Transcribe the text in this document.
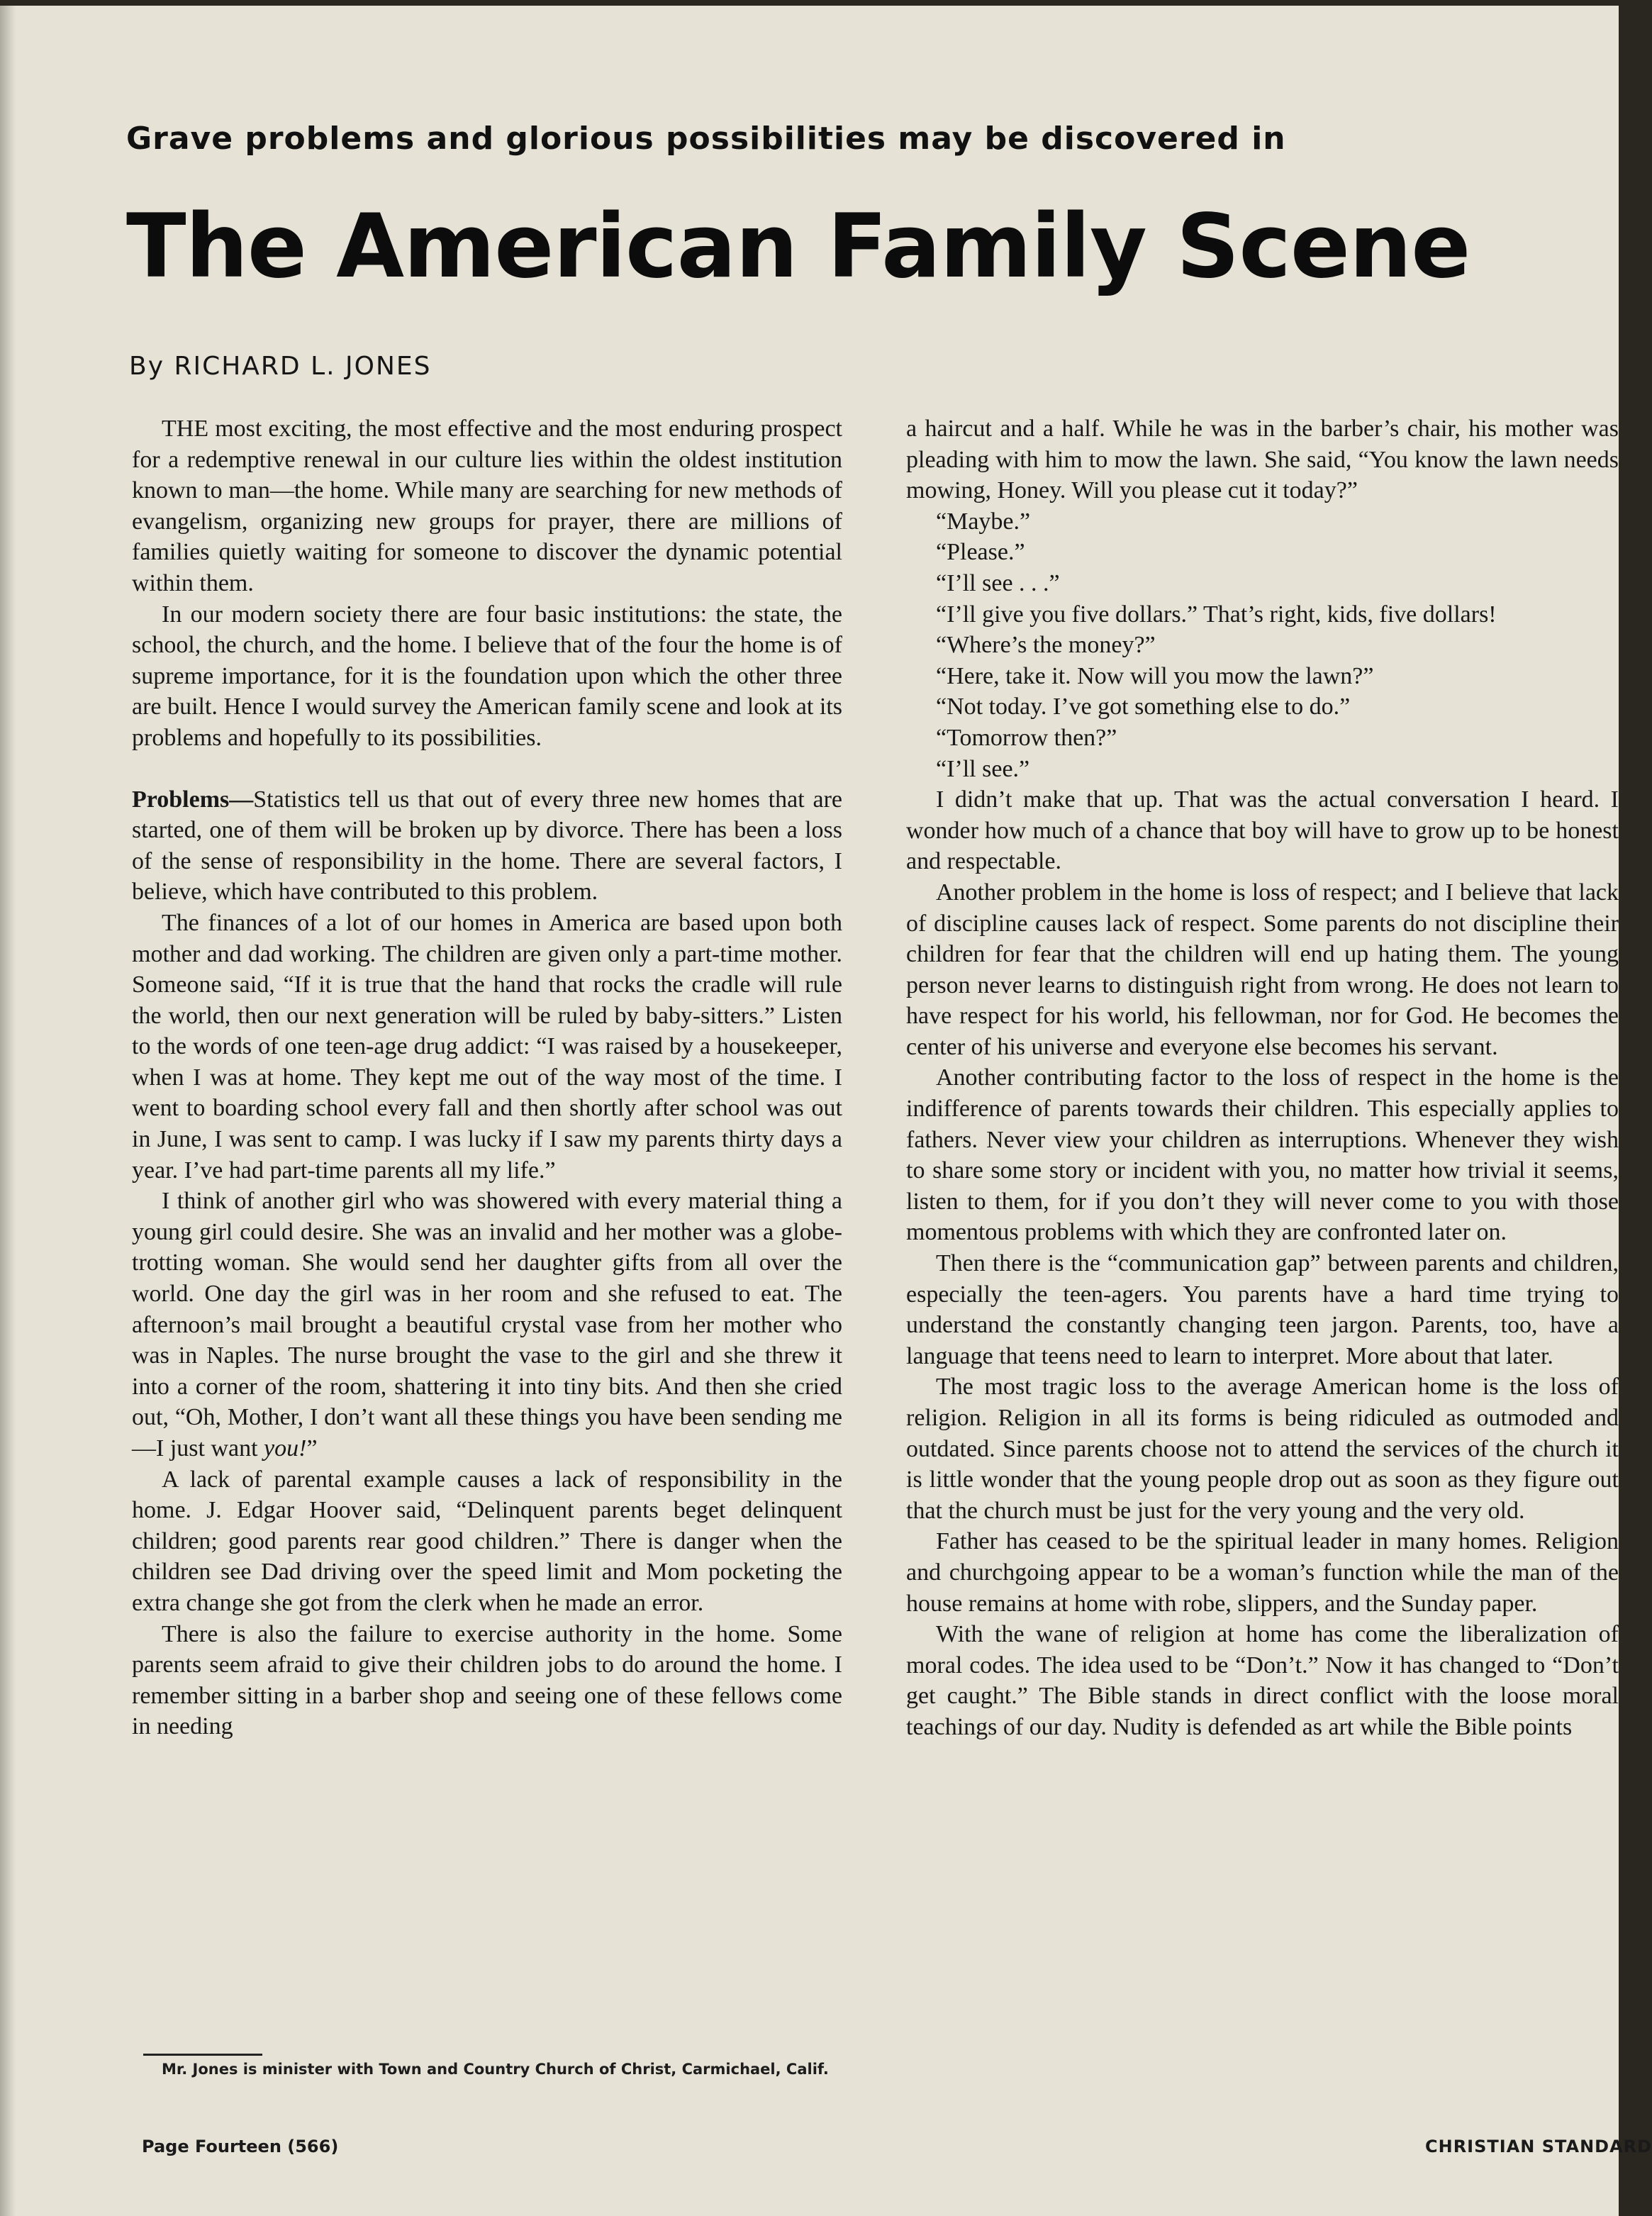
Grave problems and glorious possibilities may be discovered in
The American Family Scene
By RICHARD L. JONES

THE most exciting, the most effective and the most enduring prospect for a redemptive renewal in our culture lies within the oldest institution known to man—the home. While many are searching for new methods of evangelism, organizing new groups for prayer, there are millions of families quietly waiting for someone to discover the dynamic potential within them.

In our modern society there are four basic institutions: the state, the school, the church, and the home. I believe that of the four the home is of supreme importance, for it is the foundation upon which the other three are built. Hence I would survey the American family scene and look at its problems and hopefully to its possibilities.

Problems—Statistics tell us that out of every three new homes that are started, one of them will be broken up by divorce. There has been a loss of the sense of responsibility in the home. There are several factors, I believe, which have contributed to this problem.

The finances of a lot of our homes in America are based upon both mother and dad working. The children are given only a part-time mother. Someone said, “If it is true that the hand that rocks the cradle will rule the world, then our next generation will be ruled by baby-sitters.” Listen to the words of one teen-age drug addict: “I was raised by a housekeeper, when I was at home. They kept me out of the way most of the time. I went to boarding school every fall and then shortly after school was out in June, I was sent to camp. I was lucky if I saw my parents thirty days a year. I’ve had part-time parents all my life.”

I think of another girl who was showered with every material thing a young girl could desire. She was an invalid and her mother was a globe-trotting woman. She would send her daughter gifts from all over the world. One day the girl was in her room and she refused to eat. The afternoon’s mail brought a beautiful crystal vase from her mother who was in Naples. The nurse brought the vase to the girl and she threw it into a corner of the room, shattering it into tiny bits. And then she cried out, “Oh, Mother, I don’t want all these things you have been sending me—I just want you!”

A lack of parental example causes a lack of responsibility in the home. J. Edgar Hoover said, “Delinquent parents beget delinquent children; good parents rear good children.” There is danger when the children see Dad driving over the speed limit and Mom pocketing the extra change she got from the clerk when he made an error.

There is also the failure to exercise authority in the home. Some parents seem afraid to give their children jobs to do around the home. I remember sitting in a barber shop and seeing one of these fellows come in needing

a haircut and a half. While he was in the barber’s chair, his mother was pleading with him to mow the lawn. She said, “You know the lawn needs mowing, Honey. Will you please cut it today?”

“Maybe.”

“Please.”

“I’ll see . . .”

“I’ll give you five dollars.” That’s right, kids, five dollars!

“Where’s the money?”

“Here, take it. Now will you mow the lawn?”

“Not today. I’ve got something else to do.”

“Tomorrow then?”

“I’ll see.”

I didn’t make that up. That was the actual conversation I heard. I wonder how much of a chance that boy will have to grow up to be honest and respectable.

Another problem in the home is loss of respect; and I believe that lack of discipline causes lack of respect. Some parents do not discipline their children for fear that the children will end up hating them. The young person never learns to distinguish right from wrong. He does not learn to have respect for his world, his fellowman, nor for God. He becomes the center of his universe and everyone else becomes his servant.

Another contributing factor to the loss of respect in the home is the indifference of parents towards their children. This especially applies to fathers. Never view your children as interruptions. Whenever they wish to share some story or incident with you, no matter how trivial it seems, listen to them, for if you don’t they will never come to you with those momentous problems with which they are confronted later on.

Then there is the “communication gap” between parents and children, especially the teen-agers. You parents have a hard time trying to understand the constantly changing teen jargon. Parents, too, have a language that teens need to learn to interpret. More about that later.

The most tragic loss to the average American home is the loss of religion. Religion in all its forms is being ridiculed as outmoded and outdated. Since parents choose not to attend the services of the church it is little wonder that the young people drop out as soon as they figure out that the church must be just for the very young and the very old.

Father has ceased to be the spiritual leader in many homes. Religion and churchgoing appear to be a woman’s function while the man of the house remains at home with robe, slippers, and the Sunday paper.

With the wane of religion at home has come the liberalization of moral codes. The idea used to be “Don’t.” Now it has changed to “Don’t get caught.” The Bible stands in direct conflict with the loose moral teachings of our day. Nudity is defended as art while the Bible points

Mr. Jones is minister with Town and Country Church of Christ, Carmichael, Calif.
Page Fourteen (566)	CHRISTIAN STANDARD
